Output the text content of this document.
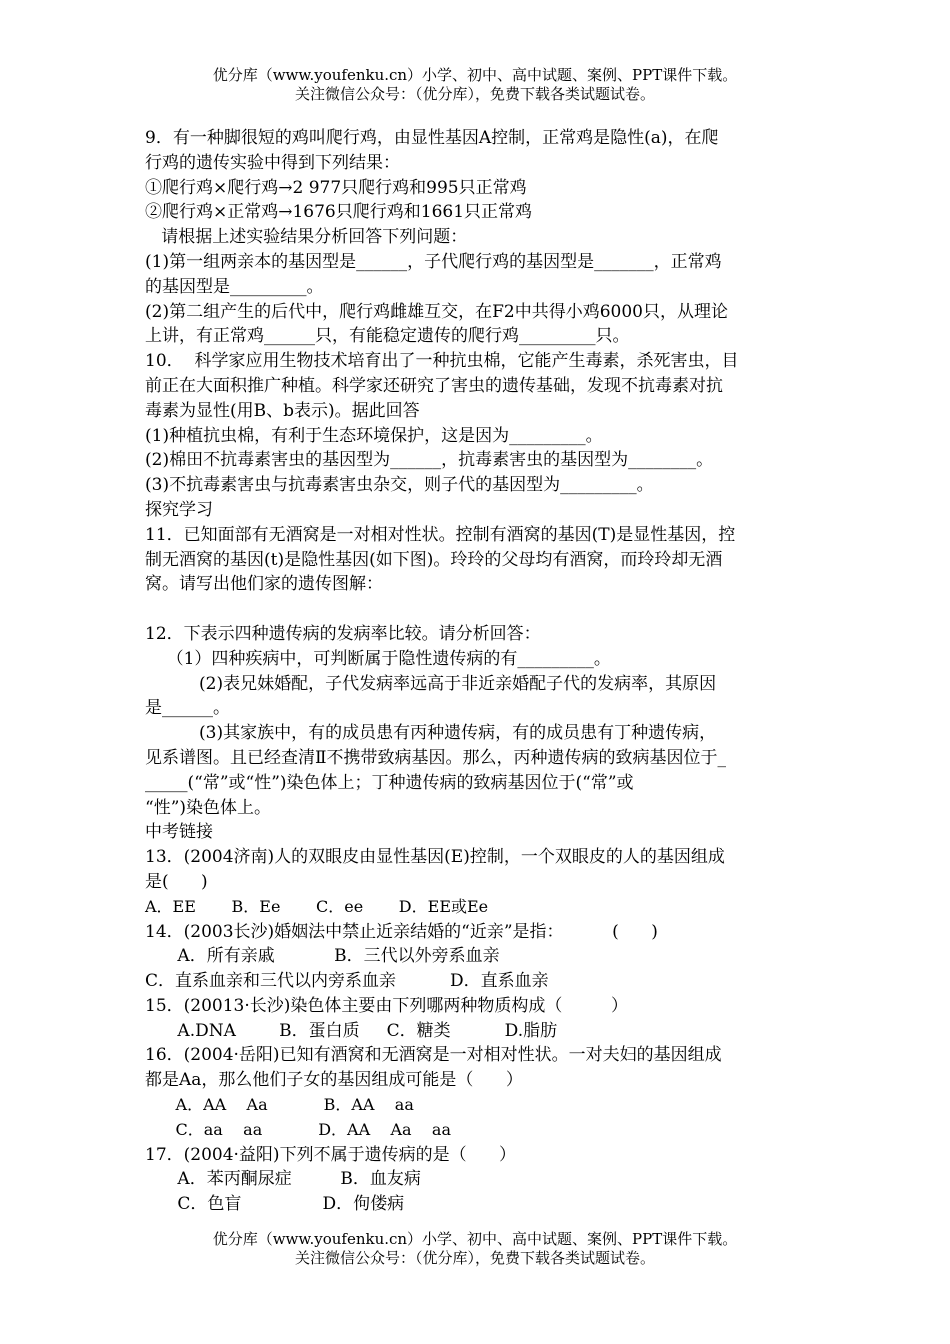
优分库（www.youfenku.cn）小学、初中、高中试题、案例、PPT课件下载。
关注微信公众号：（优分库），免费下载各类试题试卷。
9．有一种脚很短的鸡叫爬行鸡，由显性基因A控制，正常鸡是隐性(a)，在爬
行鸡的遗传实验中得到下列结果：
①爬行鸡×爬行鸡→2 977只爬行鸡和995只正常鸡
②爬行鸡×正常鸡→1676只爬行鸡和1661只正常鸡
请根据上述实验结果分析回答下列问题：
(1)第一组两亲本的基因型是______，子代爬行鸡的基因型是_______，正常鸡
的基因型是_________。
(2)第二组产生的后代中，爬行鸡雌雄互交，在F2中共得小鸡6000只，从理论
上讲，有正常鸡______只，有能稳定遗传的爬行鸡_________只。
10．  科学家应用生物技术培育出了一种抗虫棉，它能产生毒素，杀死害虫，目
前正在大面积推广种植。科学家还研究了害虫的遗传基础，发现不抗毒素对抗
毒素为显性(用B、b表示)。据此回答
(1)种植抗虫棉，有利于生态环境保护，这是因为_________。
(2)棉田不抗毒素害虫的基因型为______，抗毒素害虫的基因型为________。
(3)不抗毒素害虫与抗毒素害虫杂交，则子代的基因型为_________。
探究学习
11．已知面部有无酒窝是一对相对性状。控制有酒窝的基因(T)是显性基因，控
制无酒窝的基因(t)是隐性基因(如下图)。玲玲的父母均有酒窝，而玲玲却无酒
窝。请写出他们家的遗传图解：
12．下表示四种遗传病的发病率比较。请分析回答：
（1）四种疾病中，可判断属于隐性遗传病的有_________。
(2)表兄妹婚配，子代发病率远高于非近亲婚配子代的发病率，其原因
是______。
(3)其家族中，有的成员患有丙种遗传病，有的成员患有丁种遗传病，
见系谱图。且已经查清Ⅱ不携带致病基因。那么，丙种遗传病的致病基因位于_
_____(“常”或“性”)染色体上；丁种遗传病的致病基因位于(“常”或
“性”)染色体上。
中考链接
13．(2004济南)人的双眼皮由显性基因(E)控制，一个双眼皮的人的基因组成
是(      )
A．EE       B．Ee       C．ee       D．EE或Ee
14．(2003长沙)婚姻法中禁止近亲结婚的“近亲”是指：         (      )
A．所有亲戚           B．三代以外旁系血亲
C．直系血亲和三代以内旁系血亲          D．直系血亲
15．(20013·长沙)染色体主要由下列哪两种物质构成（         ）
A.DNA        B．蛋白质     C．糖类          D.脂肪
16．(2004·岳阳)已知有酒窝和无酒窝是一对相对性状。一对夫妇的基因组成
都是Aa，那么他们子女的基因组成可能是（      ）
A．AA    Aa           B．AA    aa
C．aa    aa           D．AA    Aa    aa
17．(2004·益阳)下列不属于遗传病的是（      ）
A．苯丙酮尿症         B．血友病
C．色盲               D．佝偻病
优分库（www.youfenku.cn）小学、初中、高中试题、案例、PPT课件下载。
关注微信公众号：（优分库），免费下载各类试题试卷。
